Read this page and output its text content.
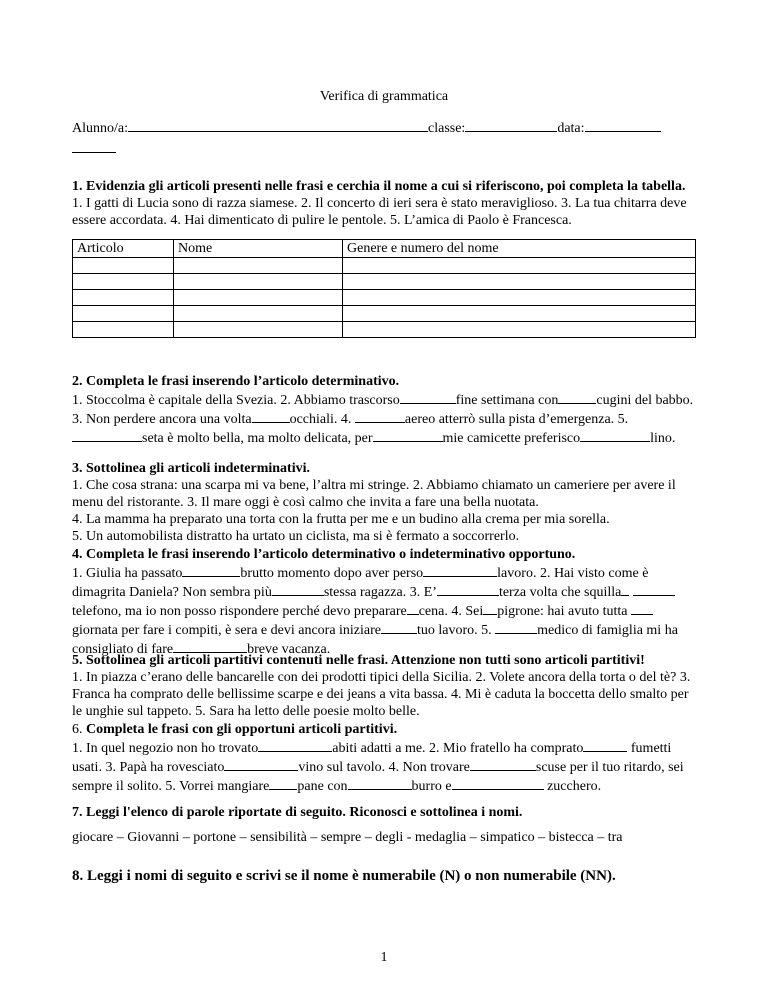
Verifica di grammatica
Alunno/a:	classe:	data:

1. Evidenzia gli articoli presenti nelle frasi e cerchia il nome a cui si riferiscono, poi completa la tabella.

1. I gatti di Lucia sono di razza siamese. 2. Il concerto di ieri sera è stato meraviglioso. 3. La tua chitarra deve essere accordata. 4. Hai dimenticato di pulire le pentole. 5. L’amica di Paolo è Francesca.

Articolo	Nome	Genere e numero del nome

2. Completa le frasi inserendo l’articolo determinativo.

1. Stoccolma è capitale della Svezia. 2. Abbiamo trascorso	fine settimana con	cugini del babbo. 3. Non perdere ancora una volta	occhiali. 4.	aereo atterrò sulla pista d’emergenza. 5. seta è molto bella, ma molto delicata, per	mie camicette preferisco	lino.

3. Sottolinea gli articoli indeterminativi.

1. Che cosa strana: una scarpa mi va bene, l’altra mi stringe. 2. Abbiamo chiamato un cameriere per avere il menu del ristorante. 3. Il mare oggi è così calmo che invita a fare una bella nuotata.

4. La mamma ha preparato una torta con la frutta per me e un budino alla crema per mia sorella.

5. Un automobilista distratto ha urtato un ciclista, ma si è fermato a soccorrerlo.

4. Completa le frasi inserendo l’articolo determinativo o indeterminativo opportuno.

1. Giulia ha passato	brutto momento dopo aver perso	lavoro. 2. Hai visto come è dimagrita Daniela? Non sembra più	stessa ragazza. 3. E’	terza volta che squilla telefono, ma io non posso rispondere perché devo preparare cena. 4. Sei pigrone: hai avuto tutta giornata per fare i compiti, è sera e devi ancora iniziare	tuo lavoro. 5.	medico di famiglia mi ha consigliato di fare	breve vacanza.

5. Sottolinea gli articoli partitivi contenuti nelle frasi. Attenzione non tutti sono articoli partitivi!

1. In piazza c’erano delle bancarelle con dei prodotti tipici della Sicilia. 2. Volete ancora della torta o del tè? 3. Franca ha comprato delle bellissime scarpe e dei jeans a vita bassa. 4. Mi è caduta la boccetta dello smalto per le unghie sul tappeto. 5. Sara ha letto delle poesie molto belle.

6. Completa le frasi con gli opportuni articoli partitivi.

1. In quel negozio non ho trovato	abiti adatti a me. 2. Mio fratello ha comprato	fumetti usati. 3. Papà ha rovesciato	vino sul tavolo. 4. Non trovare	scuse per il tuo ritardo, sei sempre il solito. 5. Vorrei mangiare pane con	burro e	zucchero.

7. Leggi l'elenco di parole riportate di seguito. Riconosci e sottolinea i nomi.

giocare – Giovanni – portone – sensibilità – sempre – degli - medaglia – simpatico – bistecca – tra

8. Leggi i nomi di seguito e scrivi se il nome è numerabile (N) o non numerabile (NN).

1
